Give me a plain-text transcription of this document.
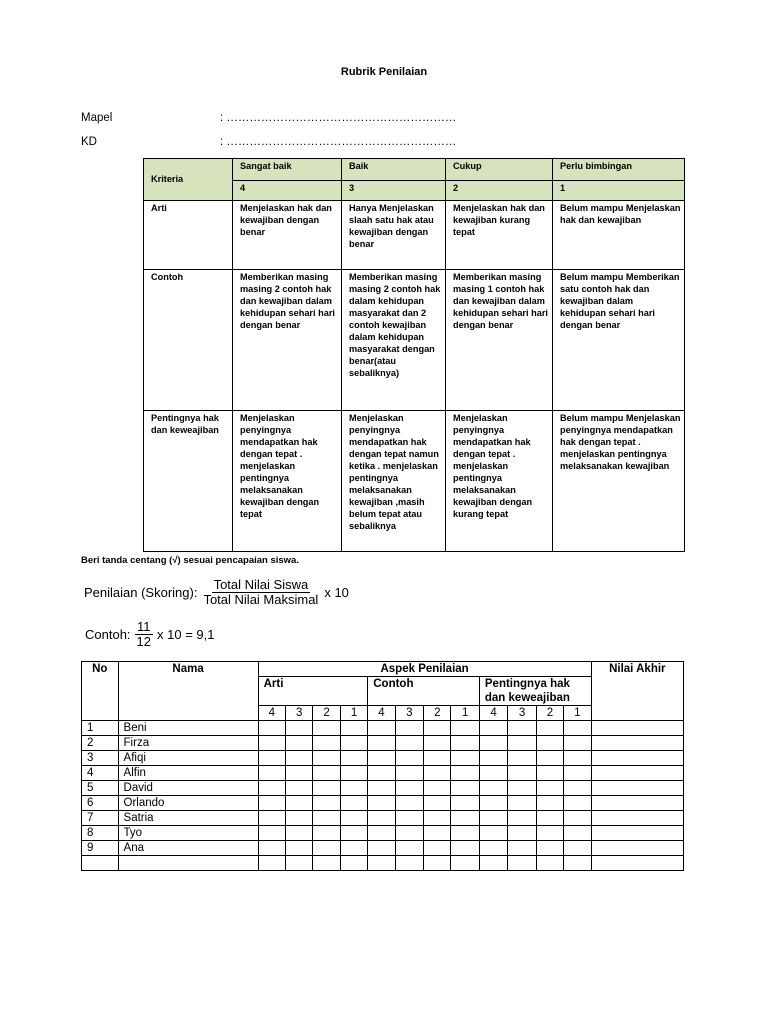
Rubrik Penilaian
Mapel	: ……………………………………………………
KD	: ……………………………………………………
Kriteria	Sangat baik	Baik	Cukup	Perlu bimbingan
	4	3	2	1
Arti	Menjelaskan hak dan kewajiban dengan benar	Hanya Menjelaskan slaah satu hak atau kewajiban dengan benar	Menjelaskan hak dan kewajiban kurang tepat	Belum mampu Menjelaskan hak dan kewajiban
Contoh	Memberikan masing masing 2 contoh hak dan kewajiban dalam kehidupan sehari hari dengan benar	Memberikan masing masing 2 contoh hak dalam kehidupan masyarakat dan 2 contoh kewajiban dalam kehidupan masyarakat dengan benar(atau sebaliknya)	Memberikan masing masing 1 contoh hak dan kewajiban dalam kehidupan sehari hari dengan benar	Belum mampu Memberikan satu contoh hak dan kewajiban dalam kehidupan sehari hari dengan benar
Pentingnya hak dan keweajiban	Menjelaskan penyingnya mendapatkan hak dengan tepat . menjelaskan pentingnya melaksanakan kewajiban dengan tepat	Menjelaskan penyingnya mendapatkan hak dengan tepat namun ketika . menjelaskan pentingnya melaksanakan kewajiban ,masih belum tepat atau sebaliknya	Menjelaskan penyingnya mendapatkan hak dengan tepat . menjelaskan pentingnya melaksanakan kewajiban dengan kurang tepat	Belum mampu Menjelaskan penyingnya mendapatkan hak dengan tepat . menjelaskan pentingnya melaksanakan kewajiban
Beri tanda centang (√) sesuai pencapaian siswa.
Penilaian (Skoring): $\frac{\text{Total Nilai Siswa}}{\text{Total Nilai Maksimal}}$ x 10
Contoh: $\frac{11}{12}$ x 10 = 9,1
No	Nama	Aspek Penilaian												Nilai Akhir
		Arti				Contoh				Pentingnya hak dan keweajiban				
		4	3	2	1	4	3	2	1	4	3	2	1	
1	Beni													
2	Firza													
3	Afiqi													
4	Alfin													
5	David													
6	Orlando													
7	Satria													
8	Tyo													
9	Ana													
